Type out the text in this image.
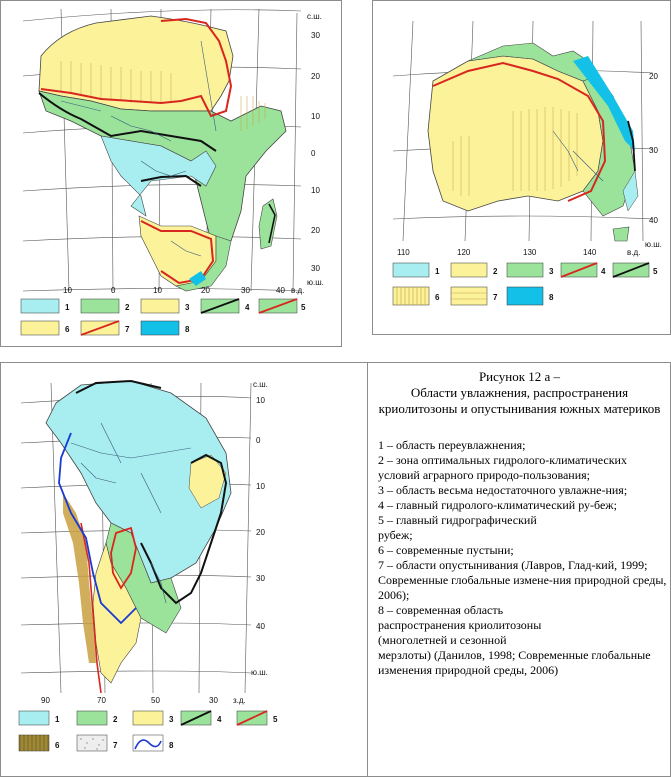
с.ш.
30
20
10
0
10
20
30
ю.ш.
10	0	10	20	30	40 в.д.
1	2	3	4	5
6	7	8
20
30
40
ю.ш.
110	120	130	140	в.д.
1	2	3	4	5
6	7	8
с.ш.
10
0
10
20
30
40
ю.ш.
90	70	50	30 з.д.
1	2	3	4	5
6	7	8
Рисунок 12 а –
Области увлажнения, распространения криолитозоны и опустынивания южных материков
1 – область переувлажнения;
2 – зона оптимальных гидролого-климатических условий аграрного природо-пользования;
3 – область весьма недостаточного увлажне-ния;
4 – главный гидролого-климатический ру-беж;
5 – главный гидрографический
рубеж;
6 – современные пустыни;
7 – области опустынивания (Лавров, Глад-кий, 1999; Современные глобальные измене-ния природной среды, 2006);
8 – современная область
распространения криолитозоны
(многолетней и сезонной
мерзлоты) (Данилов, 1998; Современные глобальные изменения природной среды, 2006)
